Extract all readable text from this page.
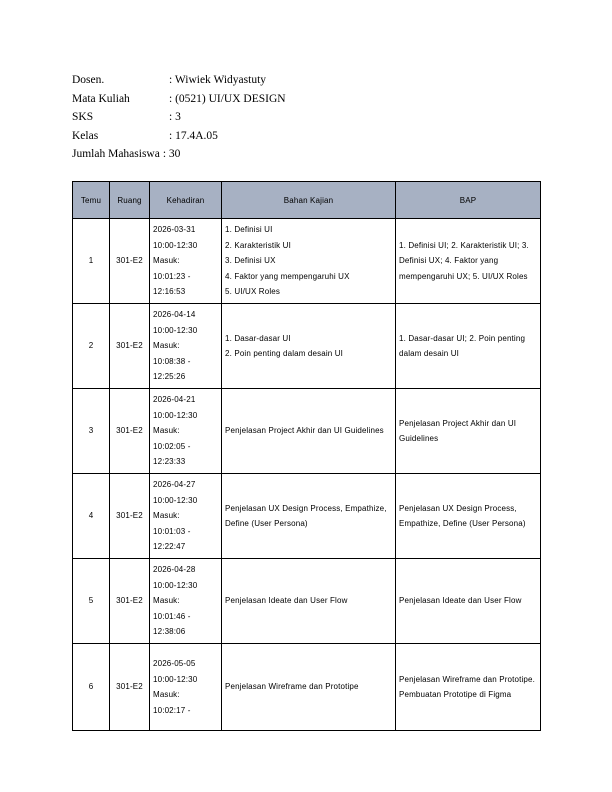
Dosen.	: Wiwiek Widyastuty
Mata Kuliah	: (0521) UI/UX DESIGN
SKS	: 3
Kelas	: 17.4A.05
Jumlah Mahasiswa : 30
Temu	Ruang	Kehadiran	Bahan Kajian	BAP
1	301-E2	2026-03-31
10:00-12:30
Masuk:
10:01:23 -
12:16:53	1. Definisi UI
2. Karakteristik UI
3. Definisi UX
4. Faktor yang mempengaruhi UX
5. UI/UX Roles	1. Definisi UI; 2. Karakteristik UI; 3. Definisi UX; 4. Faktor yang mempengaruhi UX; 5. UI/UX Roles
2	301-E2	2026-04-14
10:00-12:30
Masuk:
10:08:38 -
12:25:26	1. Dasar-dasar UI
2. Poin penting dalam desain UI	1. Dasar-dasar UI; 2. Poin penting dalam desain UI
3	301-E2	2026-04-21
10:00-12:30
Masuk:
10:02:05 -
12:23:33	Penjelasan Project Akhir dan UI Guidelines	Penjelasan Project Akhir dan UI Guidelines
4	301-E2	2026-04-27
10:00-12:30
Masuk:
10:01:03 -
12:22:47	Penjelasan UX Design Process, Empathize, Define (User Persona)	Penjelasan UX Design Process, Empathize, Define (User Persona)
5	301-E2	2026-04-28
10:00-12:30
Masuk:
10:01:46 -
12:38:06	Penjelasan Ideate dan User Flow	Penjelasan Ideate dan User Flow
6	301-E2	2026-05-05
10:00-12:30
Masuk:
10:02:17 -	Penjelasan Wireframe dan Prototipe	Penjelasan Wireframe dan Prototipe. Pembuatan Prototipe di Figma
